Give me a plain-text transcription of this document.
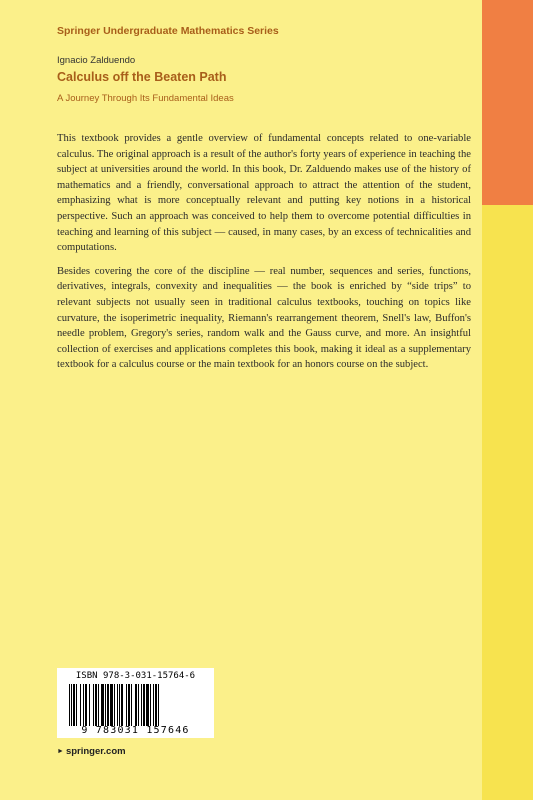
Springer Undergraduate Mathematics Series
Ignacio Zalduendo
Calculus off the Beaten Path
A Journey Through Its Fundamental Ideas

This textbook provides a gentle overview of fundamental concepts related to one-variable calculus. The original approach is a result of the author's forty years of experience in teaching the subject at universities around the world. In this book, Dr. Zalduendo makes use of the history of mathematics and a friendly, conversational approach to attract the attention of the student, emphasizing what is more conceptually relevant and putting key notions in a historical perspective. Such an approach was conceived to help them to overcome potential difficulties in teaching and learning of this subject — caused, in many cases, by an excess of technicalities and computations.

Besides covering the core of the discipline — real number, sequences and series, functions, derivatives, integrals, convexity and inequalities — the book is enriched by “side trips” to relevant subjects not usually seen in traditional calculus textbooks, touching on topics like curvature, the isoperimetric inequality, Riemann's rearrangement theorem, Snell's law, Buffon's needle problem, Gregory's series, random walk and the Gauss curve, and more. An insightful collection of exercises and applications completes this book, making it ideal as a supplementary textbook for a calculus course or the main textbook for an honors course on the subject.

ISBN 978-3-031-15764-6
9 783031 157646
► springer.com
